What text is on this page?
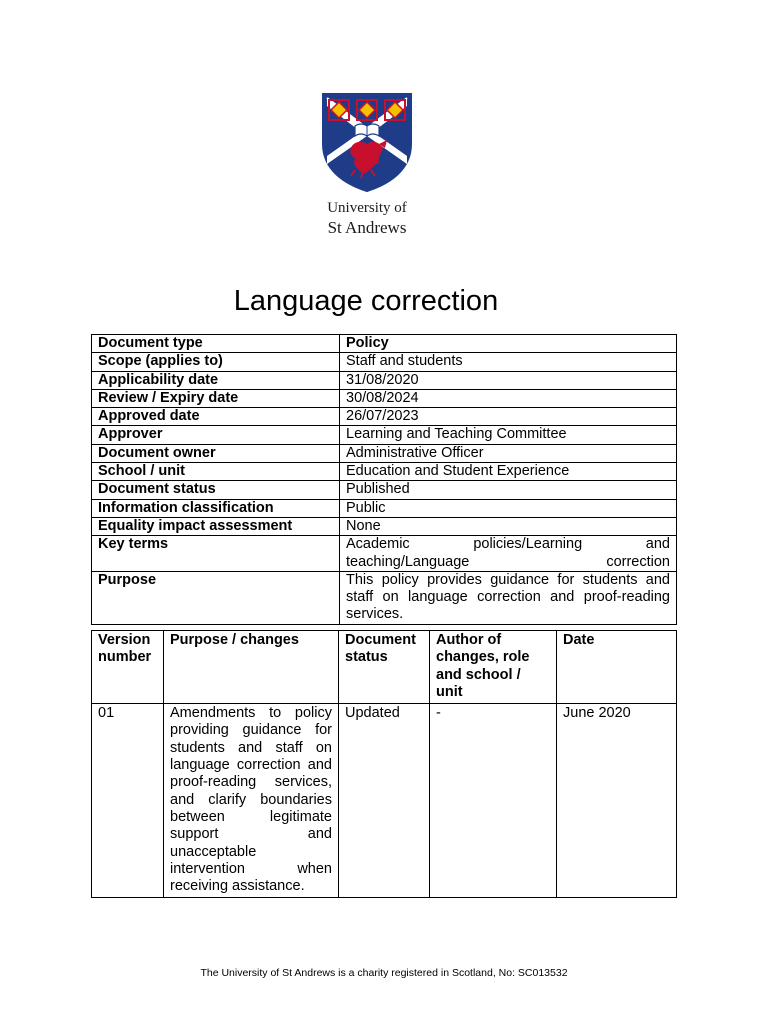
University of
St Andrews
Language correction
Document type	Policy
Scope (applies to)	Staff and students
Applicability date	31/08/2020
Review / Expiry date	30/08/2024
Approved date	26/07/2023
Approver	Learning and Teaching Committee
Document owner	Administrative Officer
School / unit	Education and Student Experience
Document status	Published
Information classification	Public
Equality impact assessment	None
Key terms	Academic policies/Learning and teaching/Language correction
Purpose	This policy provides guidance for students and staff on language correction and proof-reading services.
Version number	Purpose / changes	Document status	Author of changes, role and school / unit	Date
01	Amendments to policy providing guidance for students and staff on language correction and proof-reading services, and clarify boundaries between legitimate support and unacceptable intervention when receiving assistance.	Updated	-	June 2020
The University of St Andrews is a charity registered in Scotland, No: SC013532
